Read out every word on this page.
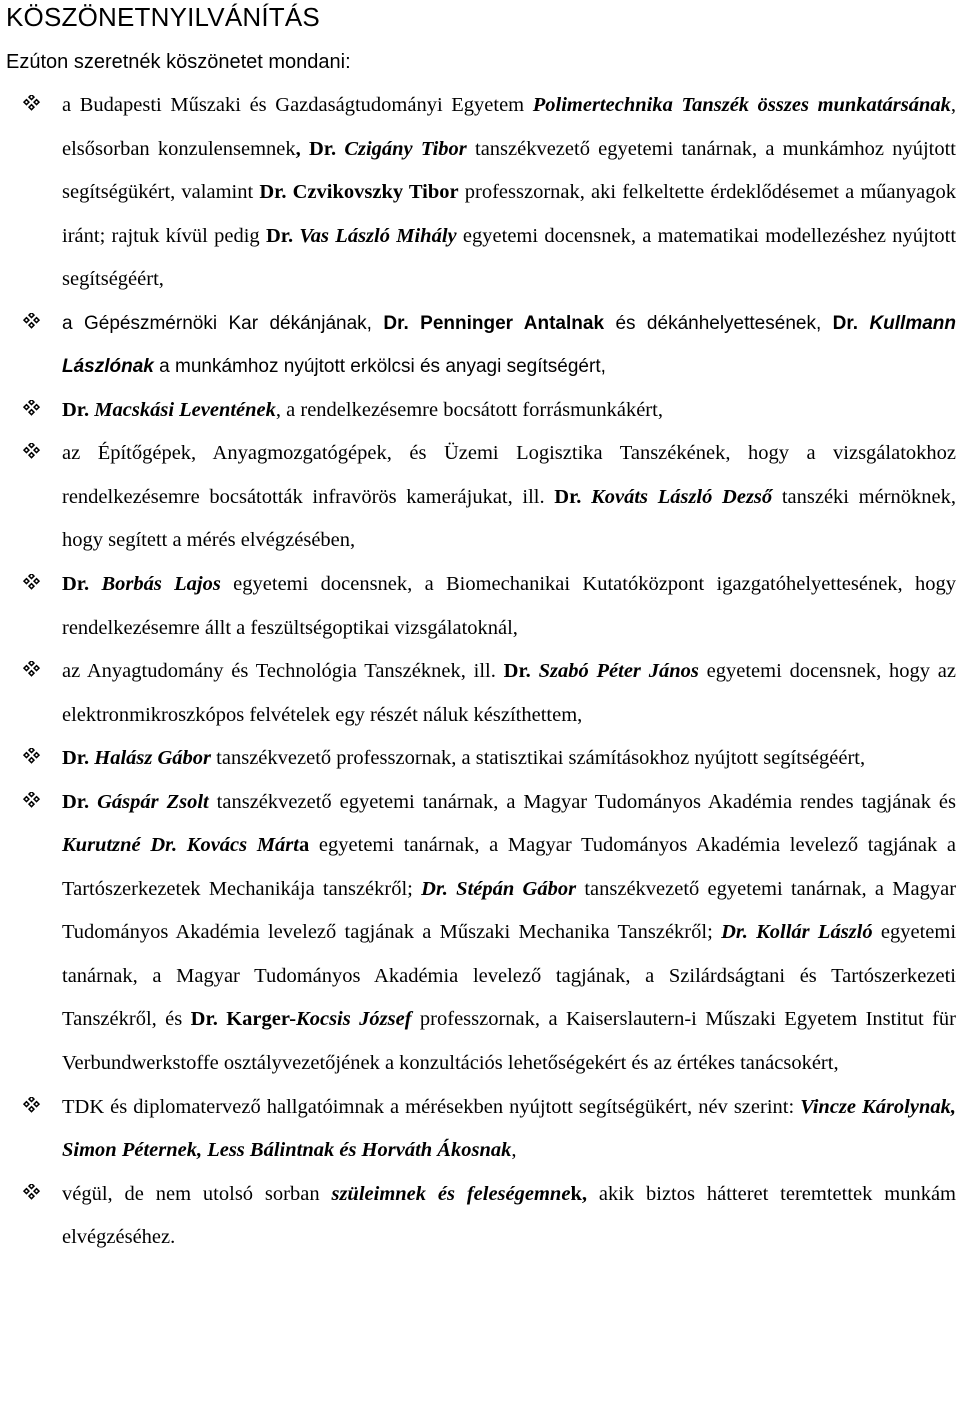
KÖSZÖNETNYILVÁNÍTÁS

Ezúton szeretnék köszönetet mondani:

a Budapesti Műszaki és Gazdaságtudományi Egyetem Polimertechnika Tanszék összes munkatársának, elsősorban konzulensemnek, Dr. Czigány Tibor tanszékvezető egyetemi tanárnak, a munkámhoz nyújtott segítségükért, valamint Dr. Czvikovszky Tibor professzornak, aki felkeltette érdeklődésemet a műanyagok iránt; rajtuk kívül pedig Dr. Vas László Mihály egyetemi docensnek, a matematikai modellezéshez nyújtott segítségéért,

a Gépészmérnöki Kar dékánjának, Dr. Penninger Antalnak és dékánhelyettesének, Dr. Kullmann Lászlónak a munkámhoz nyújtott erkölcsi és anyagi segítségért,

Dr. Macskási Leventének, a rendelkezésemre bocsátott forrásmunkákért,

az Építőgépek, Anyagmozgatógépek, és Üzemi Logisztika Tanszékének, hogy a vizsgálatokhoz rendelkezésemre bocsátották infravörös kamerájukat, ill. Dr. Kováts László Dezső tanszéki mérnöknek, hogy segített a mérés elvégzésében,

Dr. Borbás Lajos egyetemi docensnek, a Biomechanikai Kutatóközpont igazgatóhelyettesének, hogy rendelkezésemre állt a feszültségoptikai vizsgálatoknál,

az Anyagtudomány és Technológia Tanszéknek, ill. Dr. Szabó Péter János egyetemi docensnek, hogy az elektronmikroszkópos felvételek egy részét náluk készíthettem,

Dr. Halász Gábor tanszékvezető professzornak, a statisztikai számításokhoz nyújtott segítségéért,

Dr. Gáspár Zsolt tanszékvezető egyetemi tanárnak, a Magyar Tudományos Akadémia rendes tagjának és Kurutzné Dr. Kovács Márta egyetemi tanárnak, a Magyar Tudományos Akadémia levelező tagjának a Tartószerkezetek Mechanikája tanszékről; Dr. Stépán Gábor tanszékvezető egyetemi tanárnak, a Magyar Tudományos Akadémia levelező tagjának a Műszaki Mechanika Tanszékről; Dr. Kollár László egyetemi tanárnak, a Magyar Tudományos Akadémia levelező tagjának, a Szilárdságtani és Tartószerkezeti Tanszékről, és Dr. Karger-Kocsis József professzornak, a Kaiserslautern-i Műszaki Egyetem Institut für Verbundwerkstoffe osztályvezetőjének a konzultációs lehetőségekért és az értékes tanácsokért,

TDK és diplomatervező hallgatóimnak a mérésekben nyújtott segítségükért, név szerint: Vincze Károlynak, Simon Péternek, Less Bálintnak és Horváth Ákosnak,

végül, de nem utolsó sorban szüleimnek és feleségemnek, akik biztos hátteret teremtettek munkám elvégzéséhez.
